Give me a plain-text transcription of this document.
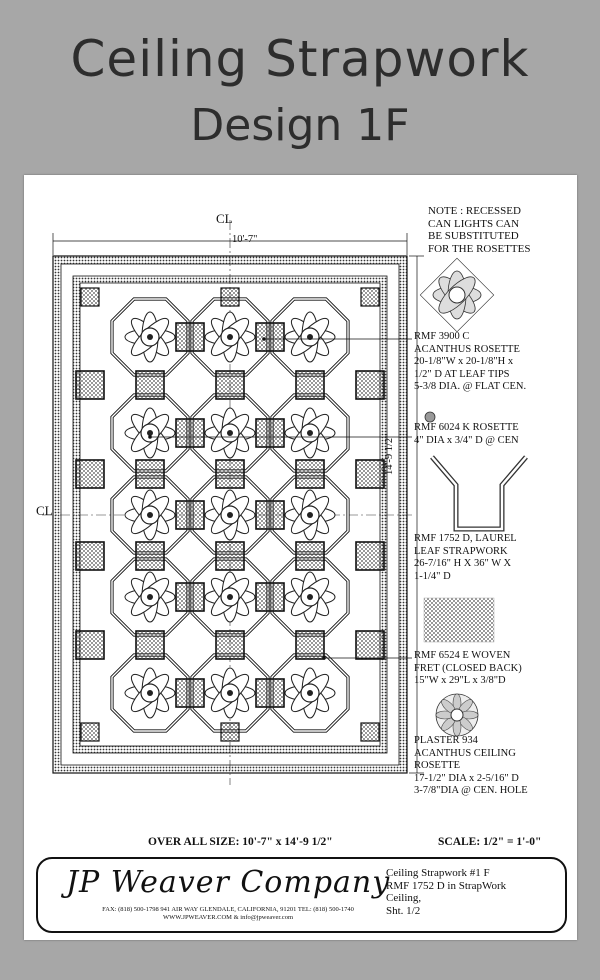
Ceiling Strapwork
Design 1F
CL
CL
10'-7"
14'-9 1/2"
NOTE : RECESSED
CAN LIGHTS CAN
BE SUBSTITUTED
FOR THE ROSETTES
RMF 3900 C
ACANTHUS ROSETTE
20-1/8"W x 20-1/8"H x
1/2" D AT LEAF TIPS
5-3/8 DIA. @ FLAT CEN.
RMF 6024 K ROSETTE
4" DIA x 3/4" D @ CEN
RMF 1752 D, LAUREL
LEAF STRAPWORK
26-7/16" H X 36" W X
1-1/4" D
RMF 6524 E WOVEN
FRET (CLOSED BACK)
15"W x 29"L x 3/8"D
PLASTER 934
ACANTHUS CEILING
ROSETTE
17-1/2" DIA x 2-5/16" D
3-7/8"DIA @ CEN. HOLE
OVER ALL SIZE: 10'-7" x 14'-9 1/2"	SCALE: 1/2" = 1'-0"
JP Weaver Company
FAX: (818) 500-1798 941 AIR WAY GLENDALE, CALIFORNIA, 91201 TEL: (818) 500-1740
WWW.JPWEAVER.COM & info@jpweaver.com
Ceiling Strapwork #1 F
RMF 1752 D in StrapWork
Ceiling,
Sht. 1/2
